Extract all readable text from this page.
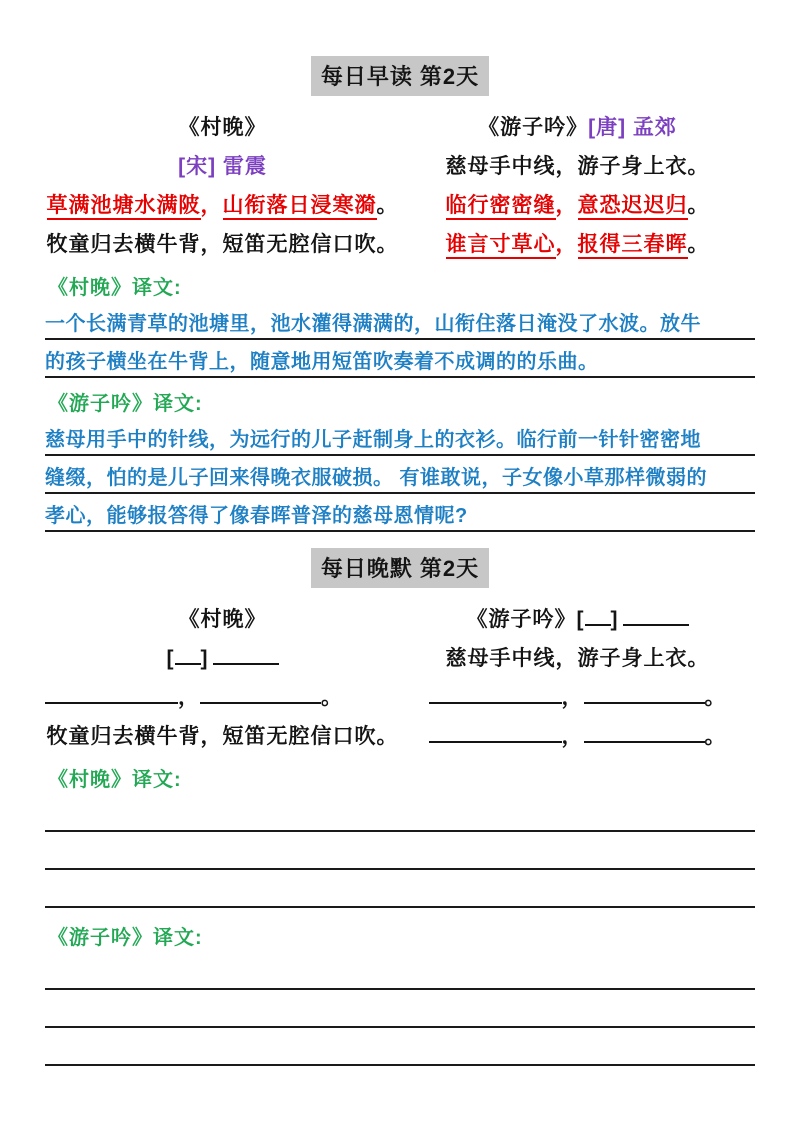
每日早读 第2天
《村晚》
[宋] 雷震
草满池塘水满陂，山衔落日浸寒漪。
牧童归去横牛背，短笛无腔信口吹。
《游子吟》[唐] 孟郊
慈母手中线，游子身上衣。
临行密密缝，意恐迟迟归。
谁言寸草心，报得三春晖。
《村晚》译文:
一个长满青草的池塘里，池水灌得满满的，山衔住落日淹没了水波。放牛
的孩子横坐在牛背上，随意地用短笛吹奏着不成调的的乐曲。
《游子吟》译文:
慈母用手中的针线，为远行的儿子赶制身上的衣衫。临行前一针针密密地
缝缀，怕的是儿子回来得晚衣服破损。 有谁敢说，子女像小草那样微弱的
孝心，能够报答得了像春晖普泽的慈母恩情呢?
每日晚默 第2天
《村晚》
[ ]
，	。
牧童归去横牛背，短笛无腔信口吹。
《游子吟》[ ]
慈母手中线，游子身上衣。
，	。
，	。
《村晚》译文:
《游子吟》译文:
